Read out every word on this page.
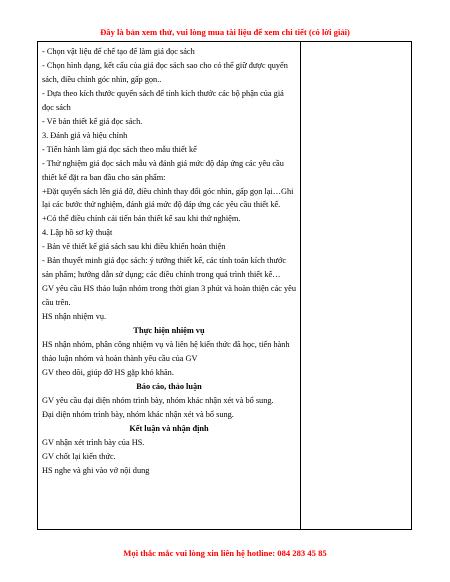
Đây là bản xem thử, vui lòng mua tài liệu để xem chi tiết (có lời giải)

- Chọn vật liệu để chế tạo đế làm giá đọc sách

- Chọn hình dạng, kết cấu của giá đọc sách sao cho có thể giữ được quyển sách, điều chỉnh góc nhìn, gấp gọn..

- Dựa theo kích thước quyển sách để tính kích thước các bộ phận của giá đọc sách

- Vẽ bản thiết kế giá đọc sách.

3. Đánh giá và hiệu chỉnh

- Tiến hành làm giá đọc sách theo mẫu thiết kế

- Thử nghiệm giá đọc sách mẫu và đánh giá mức độ đáp ứng các yêu cầu thiết kế đặt ra ban đầu cho sản phẩm:

+Đặt quyển sách lên giá đỡ, điều chỉnh thay đổi góc nhìn, gấp gọn lại…Ghi lại các bước thử nghiệm, đánh giá mức độ đáp ứng các yêu cầu thiết kế.

+Có thể điều chỉnh cải tiến bản thiết kế sau khi thử nghiệm.

4. Lập hồ sơ kỹ thuật

- Bản vẽ thiết kế giá sách sau khi điều khiển hoàn thiện

- Bản thuyết minh giá đọc sách: ý tưởng thiết kế, các tính toán kích thước sản phẩm; hướng dẫn sử dụng; các điều chỉnh trong quá trình thiết kế…

GV yêu cầu HS thảo luận nhóm trong thời gian 3 phút và hoàn thiện các yêu cầu trên.

HS nhận nhiệm vụ.

Thực hiện nhiệm vụ

HS nhận nhóm, phân công nhiệm vụ và liên hệ kiến thức đã học, tiến hành thảo luận nhóm và hoàn thành yêu cầu của GV

GV theo dõi, giúp đỡ HS gặp khó khăn.

Báo cáo, thảo luận

GV yêu cầu đại diện nhóm trình bày, nhóm khác nhận xét và bổ sung.

Đại diện nhóm trình bày, nhóm khác nhận xét và bổ sung.

Kết luận và nhận định

GV nhận xét trình bày của HS.

GV chốt lại kiến thức.

HS nghe và ghi vào vở nội dung

Mọi thắc mắc vui lòng xin liên hệ hotline: 084 283 45 85
